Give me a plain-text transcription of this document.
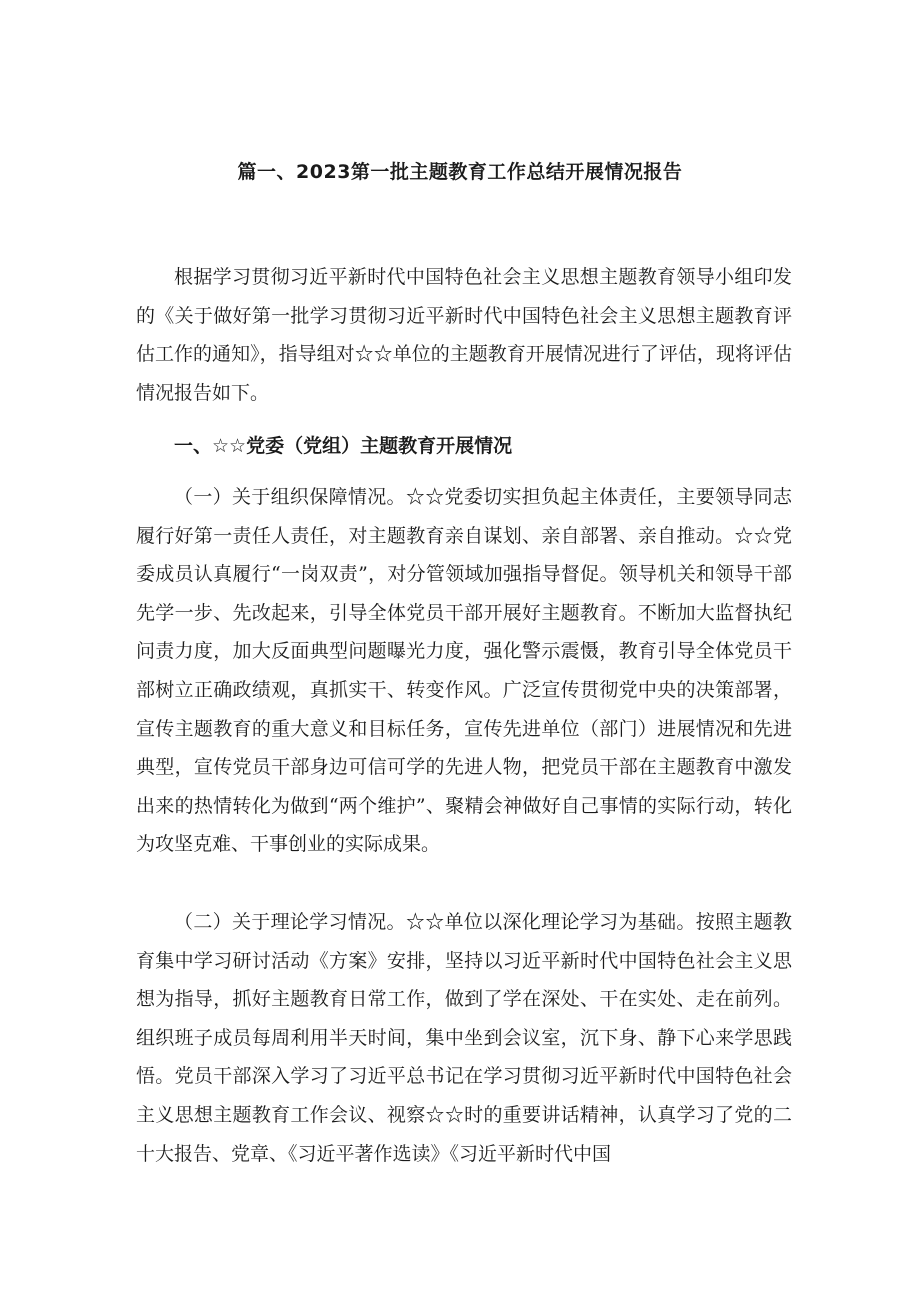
篇一、2023第一批主题教育工作总结开展情况报告

根据学习贯彻习近平新时代中国特色社会主义思想主题教育领导小组印发的《关于做好第一批学习贯彻习近平新时代中国特色社会主义思想主题教育评估工作的通知》，指导组对☆☆单位的主题教育开展情况进行了评估，现将评估情况报告如下。

一、☆☆党委（党组）主题教育开展情况

（一）关于组织保障情况。☆☆党委切实担负起主体责任，主要领导同志履行好第一责任人责任，对主题教育亲自谋划、亲自部署、亲自推动。☆☆党委成员认真履行“一岗双责”，对分管领域加强指导督促。领导机关和领导干部先学一步、先改起来，引导全体党员干部开展好主题教育。不断加大监督执纪问责力度，加大反面典型问题曝光力度，强化警示震慑，教育引导全体党员干部树立正确政绩观，真抓实干、转变作风。广泛宣传贯彻党中央的决策部署，宣传主题教育的重大意义和目标任务，宣传先进单位（部门）进展情况和先进典型，宣传党员干部身边可信可学的先进人物，把党员干部在主题教育中激发出来的热情转化为做到“两个维护”、聚精会神做好自己事情的实际行动，转化为攻坚克难、干事创业的实际成果。

（二）关于理论学习情况。☆☆单位以深化理论学习为基础。按照主题教育集中学习研讨活动《方案》安排，坚持以习近平新时代中国特色社会主义思想为指导，抓好主题教育日常工作，做到了学在深处、干在实处、走在前列。组织班子成员每周利用半天时间，集中坐到会议室，沉下身、静下心来学思践悟。党员干部深入学习了习近平总书记在学习贯彻习近平新时代中国特色社会主义思想主题教育工作会议、视察☆☆时的重要讲话精神，认真学习了党的二十大报告、党章、《习近平著作选读》《习近平新时代中国
